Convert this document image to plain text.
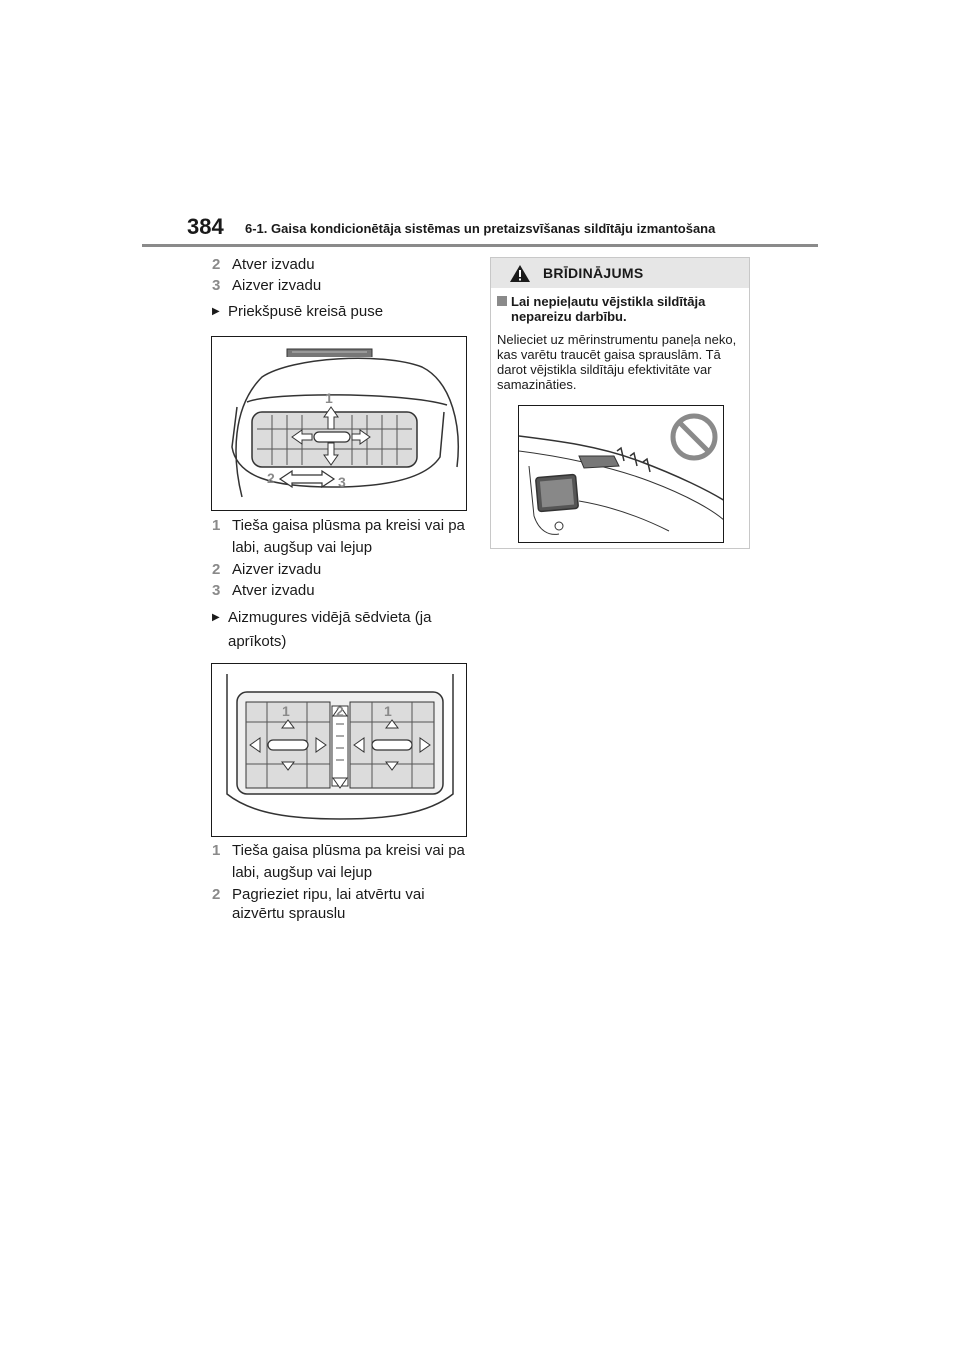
384 6-1. Gaisa kondicionētāja sistēmas un pretaizsvīšanas sildītāju izmantošana
2 Atver izvadu
3 Aizver izvadu
▶ Priekšpusē kreisā puse
1
2	3
1 Tieša gaisa plūsma pa kreisi vai pa labi, augšup vai lejup
2 Aizver izvadu
3 Atver izvadu
▶ Aizmugures vidējā sēdvieta (ja aprīkots)
1	2	1
1 Tieša gaisa plūsma pa kreisi vai pa labi, augšup vai lejup
2 Pagrieziet ripu, lai atvērtu vai aizvērtu sprauslu
BRĪDINĀJUMS
Lai nepieļautu vējstikla sildītāja nepareizu darbību.
Nelieciet uz mērinstrumentu paneļa neko, kas varētu traucēt gaisa sprauslām. Tā darot vējstikla sildītāju efektivitāte var samazināties.
